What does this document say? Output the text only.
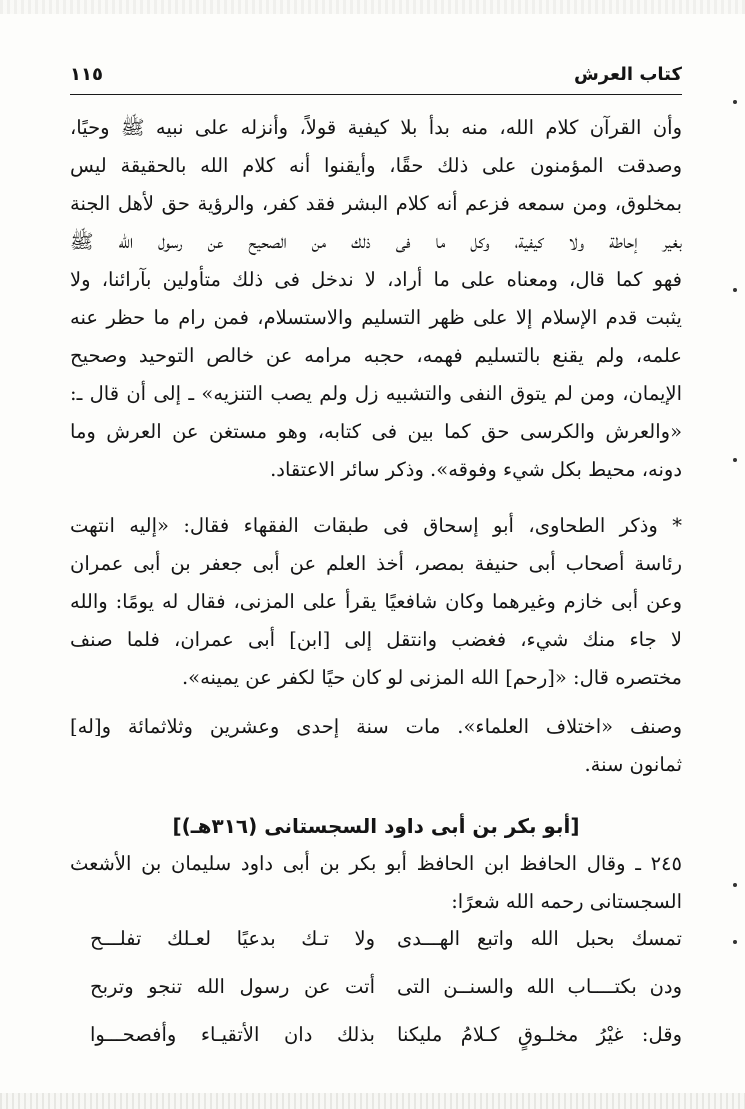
كتاب العرش
١١٥
وأن القرآن كلام الله، منه بدأ بلا كيفية قولاً، وأنزله على نبيه ﷺ وحيًا،
وصدقت المؤمنون على ذلك حقًا، وأيقنوا أنه كلام الله بالحقيقة ليس
بمخلوق، ومن سمعه فزعم أنه كلام البشر فقد كفر، والرؤية حق لأهل الجنة
بغير إحاطة ولا كيفية، وكل ما فى ذلك من الصحيح عن رسول الله ﷺ
فهو كما قال، ومعناه على ما أراد، لا ندخل فى ذلك متأولين بآرائنا، ولا
يثبت قدم الإسلام إلا على ظهر التسليم والاستسلام، فمن رام ما حظر عنه
علمه، ولم يقنع بالتسليم فهمه، حجبه مرامه عن خالص التوحيد وصحيح
الإيمان، ومن لم يتوق النفى والتشبيه زل ولم يصب التنزيه» ـ إلى أن قال ـ:
«والعرش والكرسى حق كما بين فى كتابه، وهو مستغن عن العرش وما
دونه، محيط بكل شيء وفوقه». وذكر سائر الاعتقاد.
* وذكر الطحاوى، أبو إسحاق فى طبقات الفقهاء فقال: «إليه انتهت
رئاسة أصحاب أبى حنيفة بمصر، أخذ العلم عن أبى جعفر بن أبى عمران
وعن أبى خازم وغيرهما وكان شافعيًا يقرأ على المزنى، فقال له يومًا: والله
لا جاء منك شيء، فغضب وانتقل إلى [ابن] أبى عمران، فلما صنف
مختصره قال: «[رحم] الله المزنى لو كان حيًا لكفر عن يمينه».
وصنف «اختلاف العلماء». مات سنة إحدى وعشرين وثلاثمائة و[له]
ثمانون سنة.
[أبو بكر بن أبى داود السجستانى (٣١٦هـ)]
٢٤٥ ـ وقال الحافظ ابن الحافظ أبو بكر بن أبى داود سليمان بن الأشعث
السجستانى رحمه الله شعرًا:
تمسك بحبل الله واتبع الهـــدى
ولا تـك بدعيًا لعـلك تفلـــح
ودن بكتــــاب الله والسنــن التى
أتت عن رسول الله تنجو وتربح
وقل: غيْرُ مخلـوقٍ كـلامُ مليكنا
بذلك دان الأتقيـاء وأفصحـــوا
